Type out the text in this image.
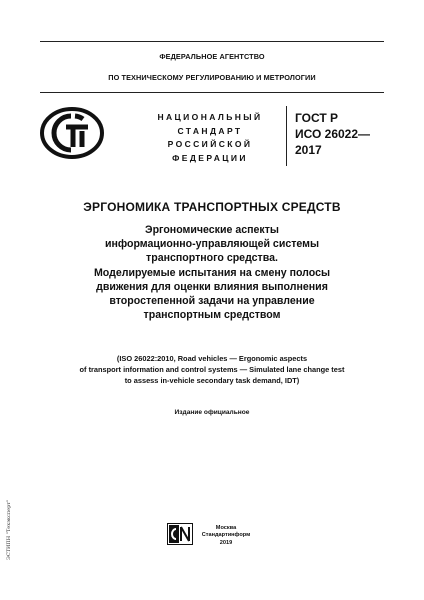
ФЕДЕРАЛЬНОЕ АГЕНТСТВО
ПО ТЕХНИЧЕСКОМУ РЕГУЛИРОВАНИЮ И МЕТРОЛОГИИ
НАЦИОНАЛЬНЫЙ
СТАНДАРТ
РОССИЙСКОЙ
ФЕДЕРАЦИИ
ГОСТ Р
ИСО 26022—
2017
ЭРГОНОМИКА ТРАНСПОРТНЫХ СРЕДСТВ
Эргономические аспекты
информационно-управляющей системы
транспортного средства.
Моделируемые испытания на смену полосы
движения для оценки влияния выполнения
второстепенной задачи на управление
транспортным средством
(ISO 26022:2010, Road vehicles — Ergonomic aspects
of transport information and control systems — Simulated lane change test
to assess in-vehicle secondary task demand, IDT)
Издание официальное
Москва
Стандартинформ
2019
ЭСТИПН "Техэксперт"
